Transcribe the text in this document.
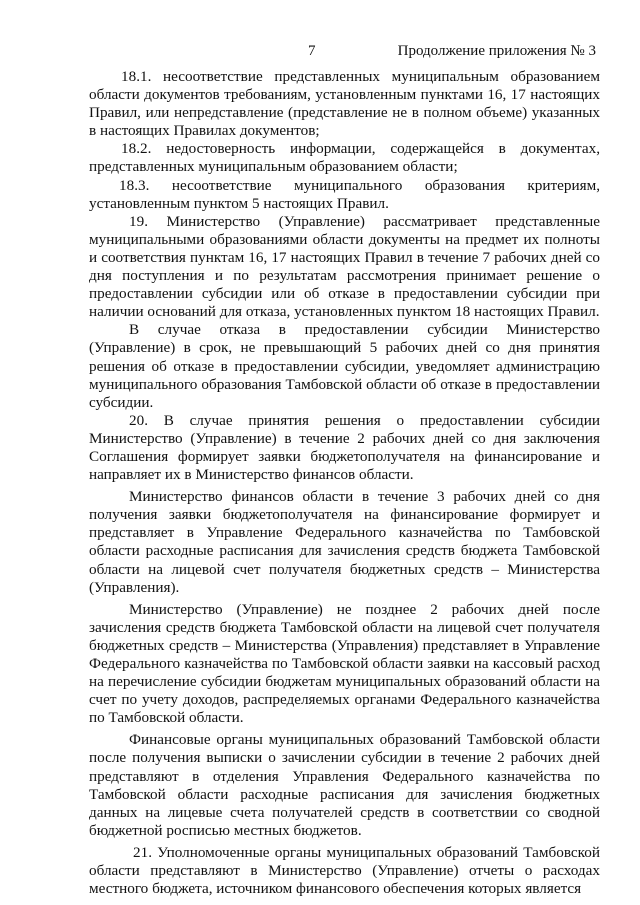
7	Продолжение приложения № 3

18.1. несоответствие представленных муниципальным образованием области документов требованиям, установленным пунктами 16, 17 настоящих Правил, или непредставление (представление не в полном объеме) указанных в настоящих Правилах документов;

18.2. недостоверность информации, содержащейся в документах, представленных муниципальным образованием области;

18.3. несоответствие муниципального образования критериям, установленным пунктом 5 настоящих Правил.

19. Министерство (Управление) рассматривает представленные муниципальными образованиями области документы на предмет их полноты и соответствия пунктам 16, 17 настоящих Правил в течение 7 рабочих дней со дня поступления и по результатам рассмотрения принимает решение о предоставлении субсидии или об отказе в предоставлении субсидии при наличии оснований для отказа, установленных пунктом 18 настоящих Правил.

В случае отказа в предоставлении субсидии Министерство (Управление) в срок, не превышающий 5 рабочих дней со дня принятия решения об отказе в предоставлении субсидии, уведомляет администрацию муниципального образования Тамбовской области об отказе в предоставлении субсидии.

20. В случае принятия решения о предоставлении субсидии Министерство (Управление) в течение 2 рабочих дней со дня заключения Соглашения формирует заявки бюджетополучателя на финансирование и направляет их в Министерство финансов области.

Министерство финансов области в течение 3 рабочих дней со дня получения заявки бюджетополучателя на финансирование формирует и представляет в Управление Федерального казначейства по Тамбовской области расходные расписания для зачисления средств бюджета Тамбовской области на лицевой счет получателя бюджетных средств – Министерства (Управления).

Министерство (Управление) не позднее 2 рабочих дней после зачисления средств бюджета Тамбовской области на лицевой счет получателя бюджетных средств – Министерства (Управления) представляет в Управление Федерального казначейства по Тамбовской области заявки на кассовый расход на перечисление субсидии бюджетам муниципальных образований области на счет по учету доходов, распределяемых органами Федерального казначейства по Тамбовской области.

Финансовые органы муниципальных образований Тамбовской области после получения выписки о зачислении субсидии в течение 2 рабочих дней представляют в отделения Управления Федерального казначейства по Тамбовской области расходные расписания для зачисления бюджетных данных на лицевые счета получателей средств в соответствии со сводной бюджетной росписью местных бюджетов.

21. Уполномоченные органы муниципальных образований Тамбовской области представляют в Министерство (Управление) отчеты о расходах местного бюджета, источником финансового обеспечения которых является
